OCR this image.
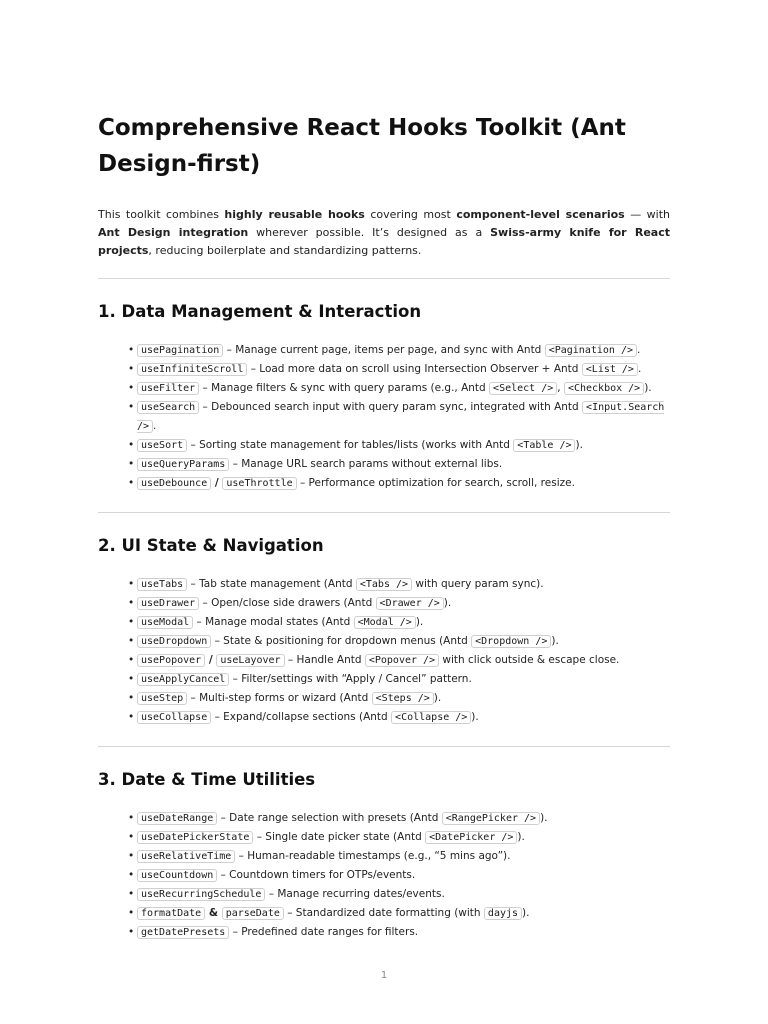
Comprehensive React Hooks Toolkit (Ant Design-first)

This toolkit combines highly reusable hooks covering most component-level scenarios — with Ant Design integration wherever possible. It’s designed as a Swiss-army knife for React projects, reducing boilerplate and standardizing patterns.

1. Data Management & Interaction
• usePagination – Manage current page, items per page, and sync with Antd <Pagination /> .
• useInfiniteScroll – Load more data on scroll using Intersection Observer + Antd <List /> .
• useFilter – Manage filters & sync with query params (e.g., Antd <Select /> , <Checkbox /> ).
• useSearch – Debounced search input with query param sync, integrated with Antd <Input.Search /> .
• useSort – Sorting state management for tables/lists (works with Antd <Table /> ).
• useQueryParams – Manage URL search params without external libs.
• useDebounce / useThrottle – Performance optimization for search, scroll, resize.
2. UI State & Navigation
• useTabs – Tab state management (Antd <Tabs /> with query param sync).
• useDrawer – Open/close side drawers (Antd <Drawer /> ).
• useModal – Manage modal states (Antd <Modal /> ).
• useDropdown – State & positioning for dropdown menus (Antd <Dropdown /> ).
• usePopover / useLayover – Handle Antd <Popover /> with click outside & escape close.
• useApplyCancel – Filter/settings with “Apply / Cancel” pattern.
• useStep – Multi-step forms or wizard (Antd <Steps /> ).
• useCollapse – Expand/collapse sections (Antd <Collapse /> ).
3. Date & Time Utilities
• useDateRange – Date range selection with presets (Antd <RangePicker /> ).
• useDatePickerState – Single date picker state (Antd <DatePicker /> ).
• useRelativeTime – Human-readable timestamps (e.g., “5 mins ago”).
• useCountdown – Countdown timers for OTPs/events.
• useRecurringSchedule – Manage recurring dates/events.
• formatDate & parseDate – Standardized date formatting (with dayjs ).
• getDatePresets – Predefined date ranges for filters.
1
